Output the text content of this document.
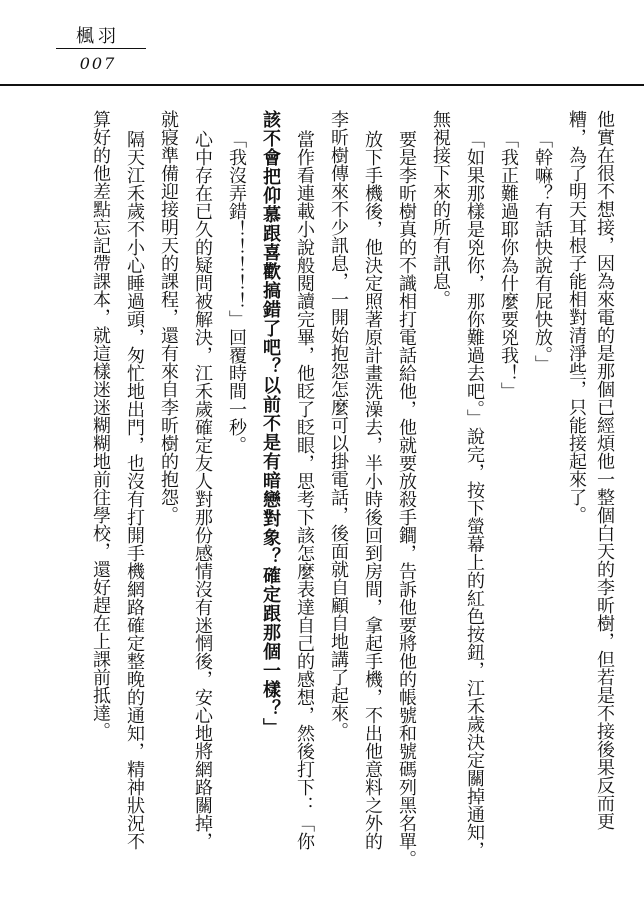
楓羽
007
他實在很不想接，因為來電的是那個已經煩他一整個白天的李昕樹，但若是不接後果反而更
糟，為了明天耳根子能相對清淨些，只能接起來了。
「幹嘛？有話快說有屁快放。」
「我正難過耶你為什麼要兇我！」
「如果那樣是兇你，那你難過去吧。」說完，按下螢幕上的紅色按鈕，江禾歲決定關掉通知，
無視接下來的所有訊息。
要是李昕樹真的不識相打電話給他，他就要放殺手鐧，告訴他要將他的帳號和號碼列黑名單。
放下手機後，他決定照著原計畫洗澡去，半小時後回到房間，拿起手機，不出他意料之外的
李昕樹傳來不少訊息，一開始抱怨怎麼可以掛電話，後面就自顧自地講了起來。
當作看連載小說般閱讀完畢，他眨了眨眼，思考下該怎麼表達自己的感想，然後打下：「你
該不會把仰慕跟喜歡搞錯了吧？以前不是有暗戀對象？確定跟那個一樣？」
「我沒弄錯！！！！！」回覆時間一秒。
心中存在已久的疑問被解決，江禾歲確定友人對那份感情沒有迷惘後，安心地將網路關掉，
就寢準備迎接明天的課程，還有來自李昕樹的抱怨。
隔天江禾歲不小心睡過頭，匆忙地出門，也沒有打開手機網路確定整晚的通知，精神狀況不
算好的他差點忘記帶課本，就這樣迷迷糊糊地前往學校，還好趕在上課前抵達。
